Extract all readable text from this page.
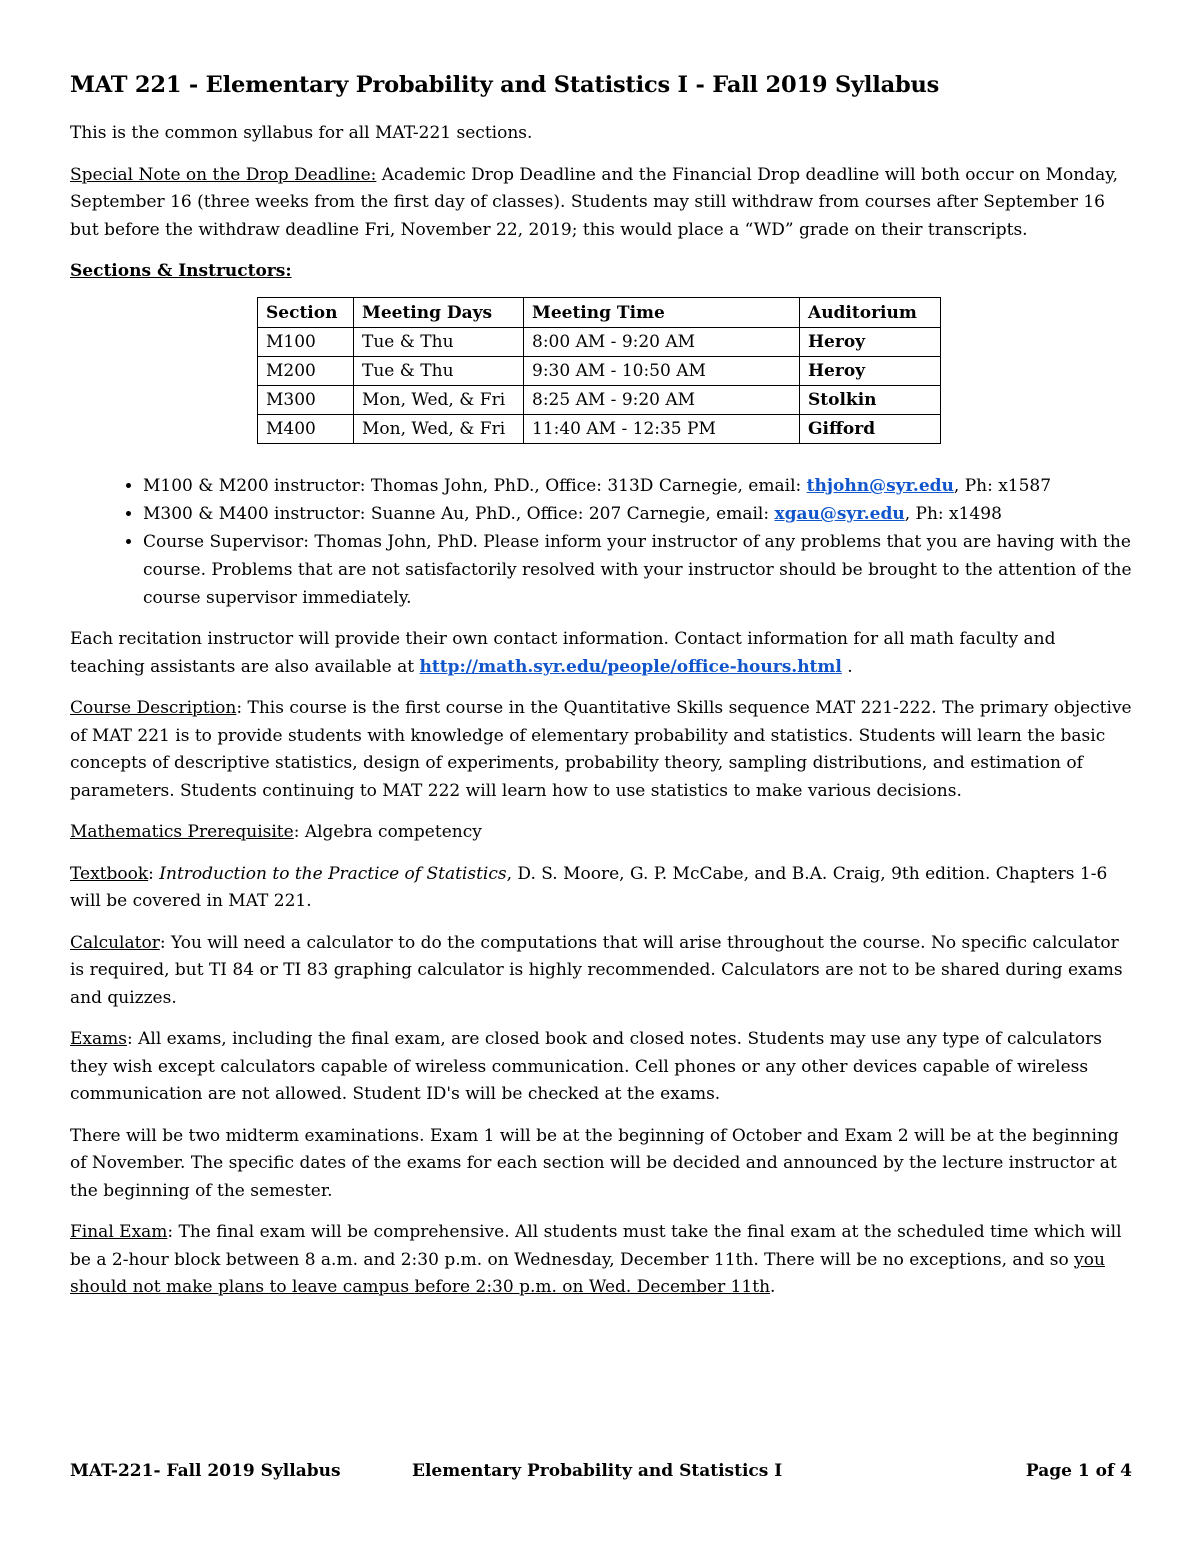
MAT 221 - Elementary Probability and Statistics I - Fall 2019 Syllabus

This is the common syllabus for all MAT-221 sections.

Special Note on the Drop Deadline: Academic Drop Deadline and the Financial Drop deadline will both occur on Monday, September 16 (three weeks from the first day of classes). Students may still withdraw from courses after September 16 but before the withdraw deadline Fri, November 22, 2019; this would place a “WD” grade on their transcripts.

Sections & Instructors:
Section	Meeting Days	Meeting Time	Auditorium
M100	Tue & Thu	8:00 AM - 9:20 AM	Heroy
M200	Tue & Thu	9:30 AM - 10:50 AM	Heroy
M300	Mon, Wed, & Fri	8:25 AM - 9:20 AM	Stolkin
M400	Mon, Wed, & Fri	11:40 AM - 12:35 PM	Gifford
• M100 & M200 instructor: Thomas John, PhD., Office: 313D Carnegie, email: thjohn@syr.edu, Ph: x1587
• M300 & M400 instructor: Suanne Au, PhD., Office: 207 Carnegie, email: xgau@syr.edu, Ph: x1498
• Course Supervisor: Thomas John, PhD. Please inform your instructor of any problems that you are having with the course. Problems that are not satisfactorily resolved with your instructor should be brought to the attention of the course supervisor immediately.

Each recitation instructor will provide their own contact information. Contact information for all math faculty and teaching assistants are also available at http://math.syr.edu/people/office-hours.html .

Course Description: This course is the first course in the Quantitative Skills sequence MAT 221-222. The primary objective of MAT 221 is to provide students with knowledge of elementary probability and statistics. Students will learn the basic concepts of descriptive statistics, design of experiments, probability theory, sampling distributions, and estimation of parameters. Students continuing to MAT 222 will learn how to use statistics to make various decisions.

Mathematics Prerequisite: Algebra competency

Textbook: Introduction to the Practice of Statistics, D. S. Moore, G. P. McCabe, and B.A. Craig, 9th edition. Chapters 1-6 will be covered in MAT 221.

Calculator: You will need a calculator to do the computations that will arise throughout the course. No specific calculator is required, but TI 84 or TI 83 graphing calculator is highly recommended. Calculators are not to be shared during exams and quizzes.

Exams: All exams, including the final exam, are closed book and closed notes. Students may use any type of calculators they wish except calculators capable of wireless communication. Cell phones or any other devices capable of wireless communication are not allowed. Student ID's will be checked at the exams.

There will be two midterm examinations. Exam 1 will be at the beginning of October and Exam 2 will be at the beginning of November. The specific dates of the exams for each section will be decided and announced by the lecture instructor at the beginning of the semester.

Final Exam: The final exam will be comprehensive. All students must take the final exam at the scheduled time which will be a 2-hour block between 8 a.m. and 2:30 p.m. on Wednesday, December 11th. There will be no exceptions, and so you should not make plans to leave campus before 2:30 p.m. on Wed. December 11th.

MAT-221- Fall 2019 Syllabus	Elementary Probability and Statistics I	Page 1 of 4
